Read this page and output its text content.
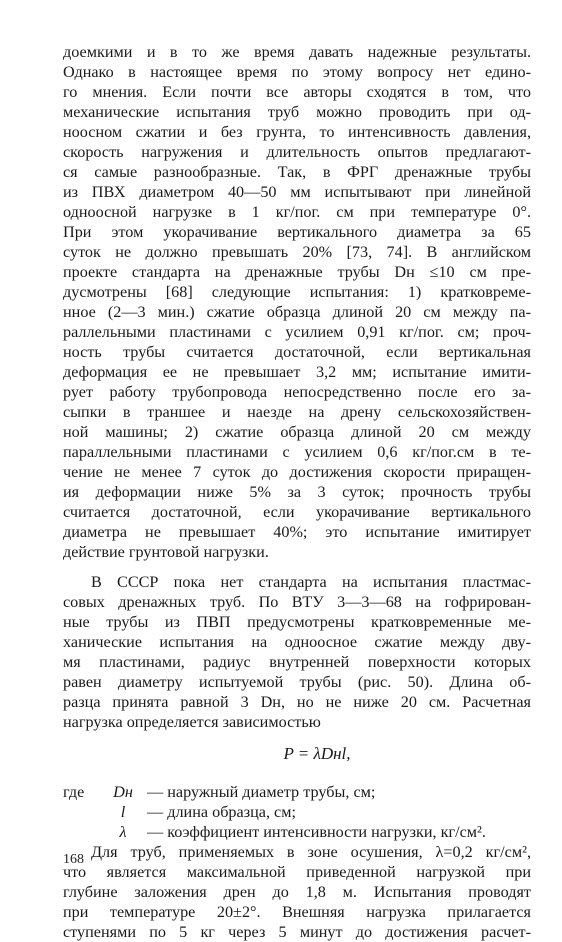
доемкими и в то же время давать надежные результаты.
Однако в настоящее время по этому вопросу нет едино-
го мнения. Если почти все авторы сходятся в том, что
механические испытания труб можно проводить при од-
ноосном сжатии и без грунта, то интенсивность давления,
скорость нагружения и длительность опытов предлагают-
ся самые разнообразные. Так, в ФРГ дренажные трубы
из ПВХ диаметром 40—50 мм испытывают при линейной
одноосной нагрузке в 1 кг/пог. см при температуре 0°.
При этом укорачивание вертикального диаметра за 65
суток не должно превышать 20% [73, 74]. В английском
проекте стандарта на дренажные трубы Dн ≤10 см пре-
дусмотрены [68] следующие испытания: 1) кратковреме-
нное (2—3 мин.) сжатие образца длиной 20 см между па-
раллельными пластинами с усилием 0,91 кг/пог. см; проч-
ность трубы считается достаточной, если вертикальная
деформация ее не превышает 3,2 мм; испытание имити-
рует работу трубопровода непосредственно после его за-
сыпки в траншее и наезде на дрену сельскохозяйствен-
ной машины; 2) сжатие образца длиной 20 см между
параллельными пластинами с усилием 0,6 кг/пог.см в те-
чение не менее 7 суток до достижения скорости приращен-
ия деформации ниже 5% за 3 суток; прочность трубы
считается достаточной, если укорачивание вертикального
диаметра не превышает 40%; это испытание имитирует
действие грунтовой нагрузки.
В СССР пока нет стандарта на испытания пластмас-
совых дренажных труб. По ВТУ 3—3—68 на гофрирован-
ные трубы из ПВП предусмотрены кратковременные ме-
ханические испытания на одноосное сжатие между дву-
мя пластинами, радиус внутренней поверхности которых
равен диаметру испытуемой трубы (рис. 50). Длина об-
разца принята равной 3 Dн, но не ниже 20 см. Расчетная
нагрузка определяется зависимостью
P = λDнl,
где	Dн — наружный диаметр трубы, см;
l	— длина образца, см;
λ	— коэффициент интенсивности нагрузки, кг/см².
Для труб, применяемых в зоне осушения, λ=0,2 кг/см²,
что является максимальной приведенной нагрузкой при
глубине заложения дрен до 1,8 м. Испытания проводят
при температуре 20±2°. Внешняя нагрузка прилагается
ступенями по 5 кг через 5 минут до достижения расчет-
168
